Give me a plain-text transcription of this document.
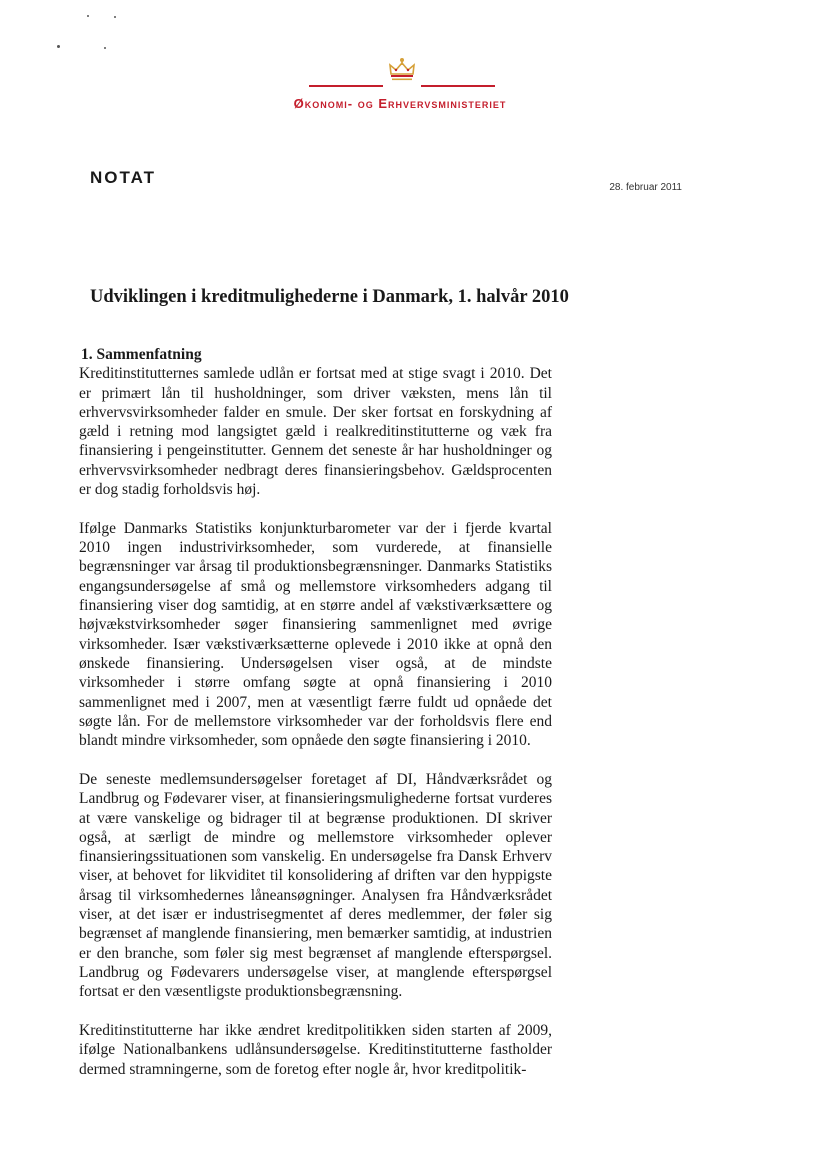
Økonomi- og Erhvervsministeriet
NOTAT
28. februar 2011
Udviklingen i kreditmulighederne i Danmark, 1. halvår 2010
1. Sammenfatning

Kreditinstitutternes samlede udlån er fortsat med at stige svagt i 2010. Det er primært lån til husholdninger, som driver væksten, mens lån til erhvervsvirksomheder falder en smule. Der sker fortsat en forskydning af gæld i retning mod langsigtet gæld i realkreditinstitutterne og væk fra finansiering i pengeinstitutter. Gennem det seneste år har husholdninger og erhvervsvirksomheder nedbragt deres finansieringsbehov. Gældsprocenten er dog stadig forholdsvis høj.

Ifølge Danmarks Statistiks konjunkturbarometer var der i fjerde kvartal 2010 ingen industrivirksomheder, som vurderede, at finansielle begrænsninger var årsag til produktionsbegrænsninger. Danmarks Statistiks engangsundersøgelse af små og mellemstore virksomheders adgang til finansiering viser dog samtidig, at en større andel af vækstiværksættere og højvækstvirksomheder søger finansiering sammenlignet med øvrige virksomheder. Især vækstiværksætterne oplevede i 2010 ikke at opnå den ønskede finansiering. Undersøgelsen viser også, at de mindste virksomheder i større omfang søgte at opnå finansiering i 2010 sammenlignet med i 2007, men at væsentligt færre fuldt ud opnåede det søgte lån. For de mellemstore virksomheder var der forholdsvis flere end blandt mindre virksomheder, som opnåede den søgte finansiering i 2010.

De seneste medlemsundersøgelser foretaget af DI, Håndværksrådet og Landbrug og Fødevarer viser, at finansieringsmulighederne fortsat vurderes at være vanskelige og bidrager til at begrænse produktionen. DI skriver også, at særligt de mindre og mellemstore virksomheder oplever finansieringssituationen som vanskelig. En undersøgelse fra Dansk Erhverv viser, at behovet for likviditet til konsolidering af driften var den hyppigste årsag til virksomhedernes låneansøgninger. Analysen fra Håndværksrådet viser, at det især er industrisegmentet af deres medlemmer, der føler sig begrænset af manglende finansiering, men bemærker samtidig, at industrien er den branche, som føler sig mest begrænset af manglende efterspørgsel. Landbrug og Fødevarers undersøgelse viser, at manglende efterspørgsel fortsat er den væsentligste produktionsbegrænsning.

Kreditinstitutterne har ikke ændret kreditpolitikken siden starten af 2009, ifølge Nationalbankens udlånsundersøgelse. Kreditinstitutterne fastholder dermed stramningerne, som de foretog efter nogle år, hvor kreditpolitik-
